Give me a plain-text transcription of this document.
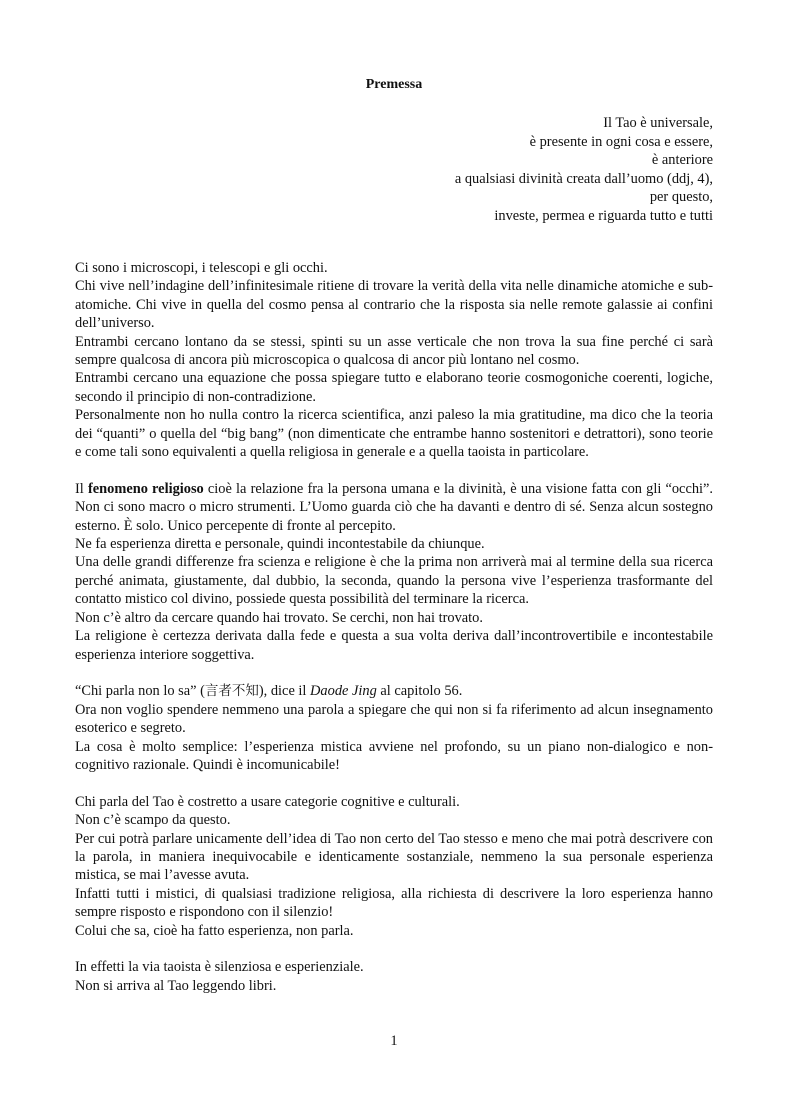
Premessa
Il Tao è universale,
è presente in ogni cosa e essere,
è anteriore
a qualsiasi divinità creata dall’uomo (ddj, 4),
per questo,
investe, permea e riguarda tutto e tutti

Ci sono i microscopi, i telescopi e gli occhi.

Chi vive nell’indagine dell’infinitesimale ritiene di trovare la verità della vita nelle dinamiche atomiche e sub-atomiche. Chi vive in quella del cosmo pensa al contrario che la risposta sia nelle remote galassie ai confini dell’universo.

Entrambi cercano lontano da se stessi, spinti su un asse verticale che non trova la sua fine perché ci sarà sempre qualcosa di ancora più microscopica o qualcosa di ancor più lontano nel cosmo.

Entrambi cercano una equazione che possa spiegare tutto e elaborano teorie cosmogoniche coerenti, logiche, secondo il principio di non-contradizione.

Personalmente non ho nulla contro la ricerca scientifica, anzi paleso la mia gratitudine, ma dico che la teoria dei “quanti” o quella del “big bang” (non dimenticate che entrambe hanno sostenitori e detrattori), sono teorie e come tali sono equivalenti a quella religiosa in generale e a quella taoista in particolare.

Il fenomeno religioso cioè la relazione fra la persona umana e la divinità, è una visione fatta con gli “occhi”. Non ci sono macro o micro strumenti. L’Uomo guarda ciò che ha davanti e dentro di sé. Senza alcun sostegno esterno. È solo. Unico percepente di fronte al percepito.

Ne fa esperienza diretta e personale, quindi incontestabile da chiunque.

Una delle grandi differenze fra scienza e religione è che la prima non arriverà mai al termine della sua ricerca perché animata, giustamente, dal dubbio, la seconda, quando la persona vive l’esperienza trasformante del contatto mistico col divino, possiede questa possibilità del terminare la ricerca.

Non c’è altro da cercare quando hai trovato. Se cerchi, non hai trovato.

La religione è certezza derivata dalla fede e questa a sua volta deriva dall’incontrovertibile e incontestabile esperienza interiore soggettiva.

“Chi parla non lo sa” (言者不知), dice il Daode Jing al capitolo 56.

Ora non voglio spendere nemmeno una parola a spiegare che qui non si fa riferimento ad alcun insegnamento esoterico e segreto.

La cosa è molto semplice: l’esperienza mistica avviene nel profondo, su un piano non-dialogico e non-cognitivo razionale. Quindi è incomunicabile!

Chi parla del Tao è costretto a usare categorie cognitive e culturali.

Non c’è scampo da questo.

Per cui potrà parlare unicamente dell’idea di Tao non certo del Tao stesso e meno che mai potrà descrivere con la parola, in maniera inequivocabile e identicamente sostanziale, nemmeno la sua personale esperienza mistica, se mai l’avesse avuta.

Infatti tutti i mistici, di qualsiasi tradizione religiosa, alla richiesta di descrivere la loro esperienza hanno sempre risposto e rispondono con il silenzio!

Colui che sa, cioè ha fatto esperienza, non parla.

In effetti la via taoista è silenziosa e esperienziale.

Non si arriva al Tao leggendo libri.

1
